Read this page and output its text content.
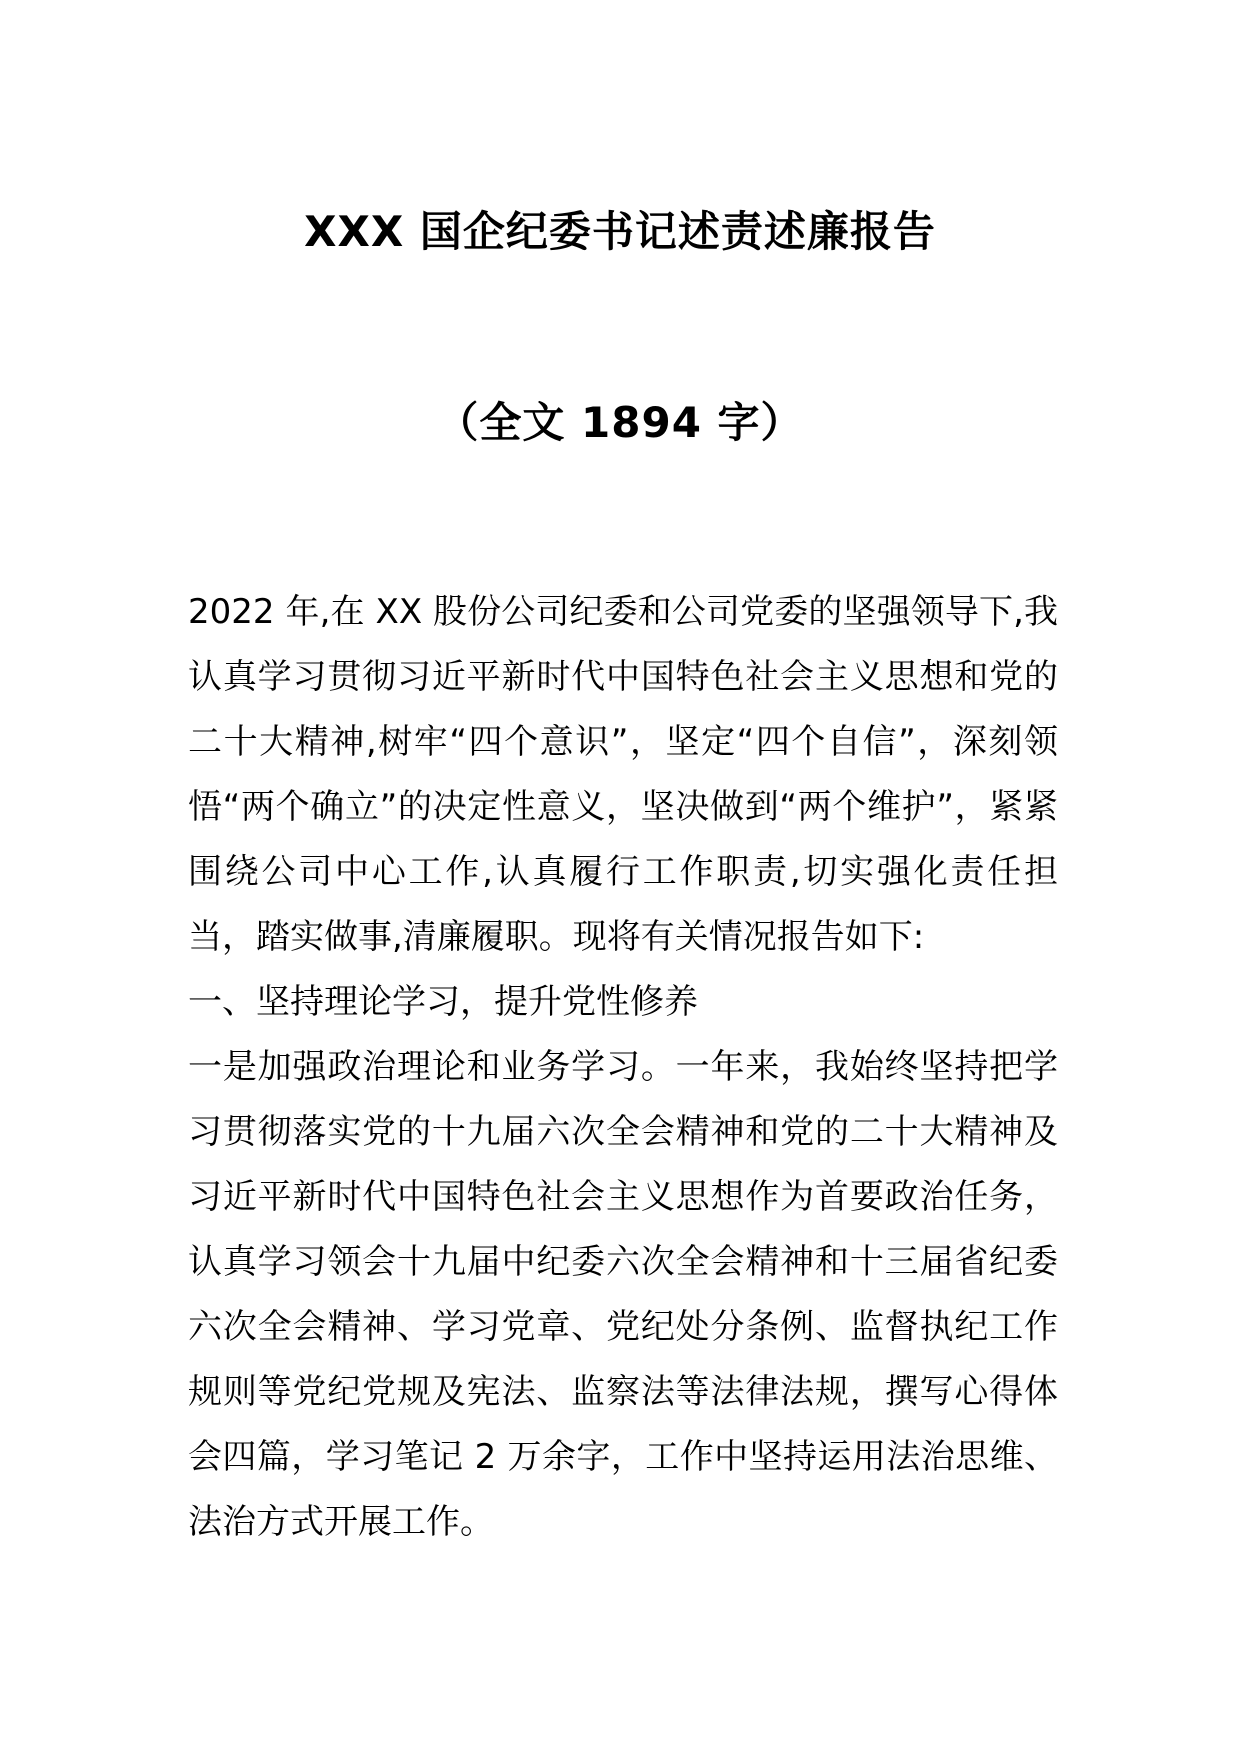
XXX 国企纪委书记述责述廉报告
（全文 1894 字）

2022 年,在 XX 股份公司纪委和公司党委的坚强领导下,我认真学习贯彻习近平新时代中国特色社会主义思想和党的二十大精神,树牢“四个意识”，坚定“四个自信”，深刻领悟“两个确立”的决定性意义，坚决做到“两个维护”，紧紧围绕公司中心工作,认真履行工作职责,切实强化责任担当，踏实做事,清廉履职。现将有关情况报告如下:

一、坚持理论学习，提升党性修养

一是加强政治理论和业务学习。一年来，我始终坚持把学习贯彻落实党的十九届六次全会精神和党的二十大精神及习近平新时代中国特色社会主义思想作为首要政治任务，认真学习领会十九届中纪委六次全会精神和十三届省纪委六次全会精神、学习党章、党纪处分条例、监督执纪工作规则等党纪党规及宪法、监察法等法律法规，撰写心得体会四篇，学习笔记 2 万余字，工作中坚持运用法治思维、法治方式开展工作。
